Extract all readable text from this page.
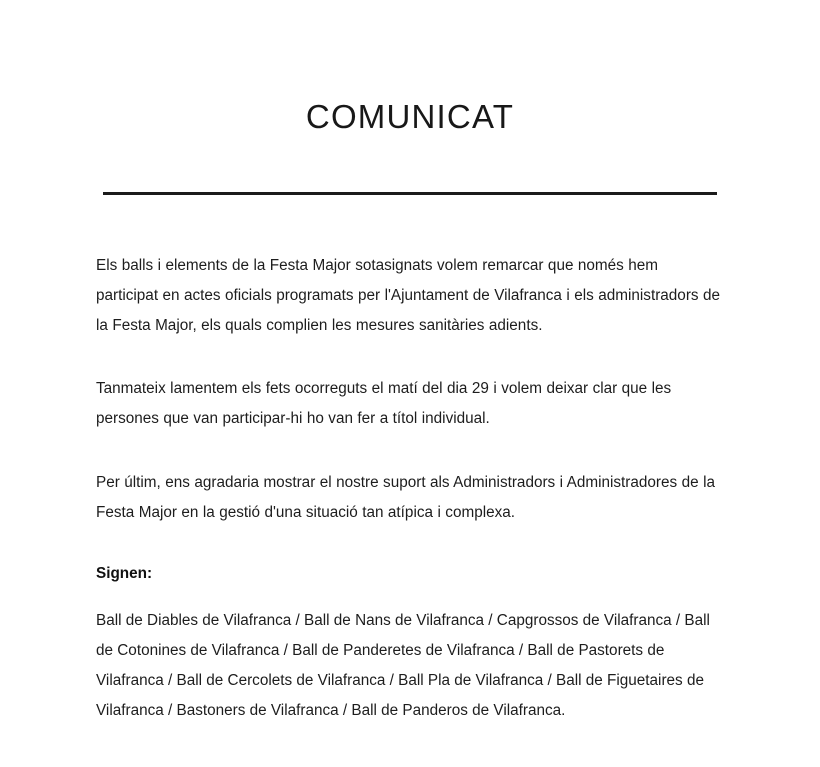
COMUNICAT

Els balls i elements de la Festa Major sotasignats volem remarcar que només hem participat en actes oficials programats per l'Ajuntament de Vilafranca i els administradors de la Festa Major, els quals complien les mesures sanitàries adients.

Tanmateix lamentem els fets ocorreguts el matí del dia 29 i volem deixar clar que les persones que van participar-hi ho van fer a títol individual.

Per últim, ens agradaria mostrar el nostre suport als Administradors i Administradores de la Festa Major en la gestió d'una situació tan atípica i complexa.

Signen:

Ball de Diables de Vilafranca / Ball de Nans de Vilafranca / Capgrossos de Vilafranca / Ball de Cotonines de Vilafranca / Ball de Panderetes de Vilafranca / Ball de Pastorets de Vilafranca / Ball de Cercolets de Vilafranca / Ball Pla de Vilafranca / Ball de Figuetaires de Vilafranca / Bastoners de Vilafranca / Ball de Panderos de Vilafranca.
